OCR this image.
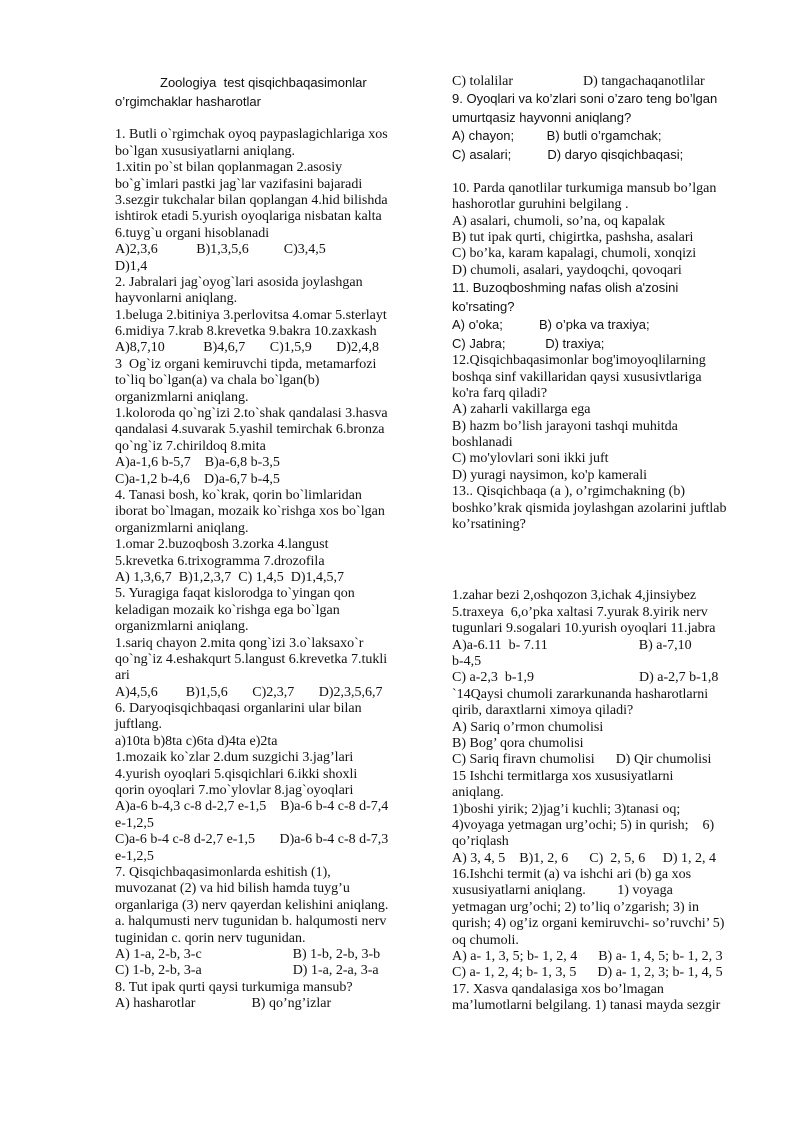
Zoologiya  test qisqichbaqasimonlar
o’rgimchaklar hasharotlar
1. Butli o`rgimchak oyoq paypaslagichlariga xos
bo`lgan xususiyatlarni aniqlang.
1.xitin po`st bilan qoplanmagan 2.asosiy
bo`g`imlari pastki jag`lar vazifasini bajaradi
3.sezgir tukchalar bilan qoplangan 4.hid bilishda
ishtirok etadi 5.yurish oyoqlariga nisbatan kalta
6.tuyg`u organi hisoblanadi
A)2,3,6           B)1,3,5,6          C)3,4,5
D)1,4
2. Jabralari jag`oyog`lari asosida joylashgan
hayvonlarni aniqlang.
1.beluga 2.bitiniya 3.perlovitsa 4.omar 5.sterlayt
6.midiya 7.krab 8.krevetka 9.bakra 10.zaxkash
A)8,7,10           B)4,6,7       C)1,5,9       D)2,4,8
3  Og`iz organi kemiruvchi tipda, metamarfozi
to`liq bo`lgan(a) va chala bo`lgan(b)
organizmlarni aniqlang.
1.koloroda qo`ng`izi 2.to`shak qandalasi 3.hasva
qandalasi 4.suvarak 5.yashil temirchak 6.bronza
qo`ng`iz 7.chirildoq 8.mita
A)a-1,6 b-5,7    B)a-6,8 b-3,5
C)a-1,2 b-4,6    D)a-6,7 b-4,5
4. Tanasi bosh, ko`krak, qorin bo`limlaridan
iborat bo`lmagan, mozaik ko`rishga xos bo`lgan
organizmlarni aniqlang.
1.omar 2.buzoqbosh 3.zorka 4.langust
5.krevetka 6.trixogramma 7.drozofila
A) 1,3,6,7  B)1,2,3,7  C) 1,4,5  D)1,4,5,7
5. Yuragiga faqat kislorodga to`yingan qon
keladigan mozaik ko`rishga ega bo`lgan
organizmlarni aniqlang.
1.sariq chayon 2.mita qong`izi 3.o`laksaxo`r
qo`ng`iz 4.eshakqurt 5.langust 6.krevetka 7.tukli
ari
A)4,5,6        B)1,5,6       C)2,3,7       D)2,3,5,6,7
6. Daryoqisqichbaqasi organlarini ular bilan
juftlang.
a)10ta b)8ta c)6ta d)4ta e)2ta
1.mozaik ko`zlar 2.dum suzgichi 3.jag’lari
4.yurish oyoqlari 5.qisqichlari 6.ikki shoxli
qorin oyoqlari 7.mo`ylovlar 8.jag`oyoqlari
A)a-6 b-4,3 c-8 d-2,7 e-1,5    B)a-6 b-4 c-8 d-7,4
e-1,2,5
C)a-6 b-4 c-8 d-2,7 e-1,5       D)a-6 b-4 c-8 d-7,3
e-1,2,5
7. Qisqichbaqasimonlarda eshitish (1),
muvozanat (2) va hid bilish hamda tuyg’u
organlariga (3) nerv qayerdan kelishini aniqlang.
a. halqumusti nerv tugunidan b. halqumosti nerv
tuginidan c. qorin nerv tugunidan.
A) 1-a, 2-b, 3-c                          B) 1-b, 2-b, 3-b
C) 1-b, 2-b, 3-a                          D) 1-a, 2-a, 3-a
8. Tut ipak qurti qaysi turkumiga mansub?
A) hasharotlar                B) qo’ng’izlar
C) tolalilar                    D) tangachaqanotlilar
9. Oyoqlari va ko’zlari soni o’zaro teng bo’lgan
umurtqasiz hayvonni aniqlang?
A) chayon;         B) butli o’rgamchak;
C) asalari;          D) daryo qisqichbaqasi;
10. Parda qanotlilar turkumiga mansub bo’lgan
hashorotlar guruhini belgilang .
A) asalari, chumoli, so’na, oq kapalak
B) tut ipak qurti, chigirtka, pashsha, asalari
C) bo’ka, karam kapalagi, chumoli, xonqizi
D) chumoli, asalari, yaydoqchi, qovoqari
11. Buzoqboshming nafas olish a'zosini
ko'rsating?
A) o'oka;          B) o’pka va traxiya;
C) Jabra;           D) traxiya;
12.Qisqichbaqasimonlar bog'imoyoqlilarning
boshqa sinf vakillaridan qaysi xususivtlariga
ko'ra farq qiladi?
A) zaharli vakillarga ega
B) hazm bo’lish jarayoni tashqi muhitda
boshlanadi
C) mo'ylovlari soni ikki juft
D) yuragi naysimon, ko'p kamerali
13.. Qisqichbaqa (a ), o’rgimchakning (b)
boshko’krak qismida joylashgan azolarini juftlab
ko’rsatining?
1.zahar bezi 2,oshqozon 3,ichak 4,jinsiybez
5.traxeya  6,o’pka xaltasi 7.yurak 8.yirik nerv
tugunlari 9.sogalari 10.yurish oyoqlari 11.jabra
A)a-6.11  b- 7.11                          B) a-7,10
b-4,5
C) a-2,3  b-1,9                              D) a-2,7 b-1,8
`14Qaysi chumoli zararkunanda hasharotlarni
qirib, daraxtlarni ximoya qiladi?
A) Sariq o’rmon chumolisi
B) Bog’ qora chumolisi
C) Sariq firavn chumolisi      D) Qir chumolisi
15 Ishchi termitlarga xos xususiyatlarni
aniqlang.
1)boshi yirik; 2)jag’i kuchli; 3)tanasi oq;
4)voyaga yetmagan urg’ochi; 5) in qurish;    6)
qo’riqlash
A) 3, 4, 5    B)1, 2, 6      C)  2, 5, 6     D) 1, 2, 4
16.Ishchi termit (a) va ishchi ari (b) ga xos
xususiyatlarni aniqlang.         1) voyaga
yetmagan urg’ochi; 2) to’liq o’zgarish; 3) in
qurish; 4) og’iz organi kemiruvchi- so’ruvchi’ 5)
oq chumoli.
A) a- 1, 3, 5; b- 1, 2, 4      B) a- 1, 4, 5; b- 1, 2, 3
C) a- 1, 2, 4; b- 1, 3, 5      D) a- 1, 2, 3; b- 1, 4, 5
17. Xasva qandalasiga xos bo’lmagan
ma’lumotlarni belgilang. 1) tanasi mayda sezgir
